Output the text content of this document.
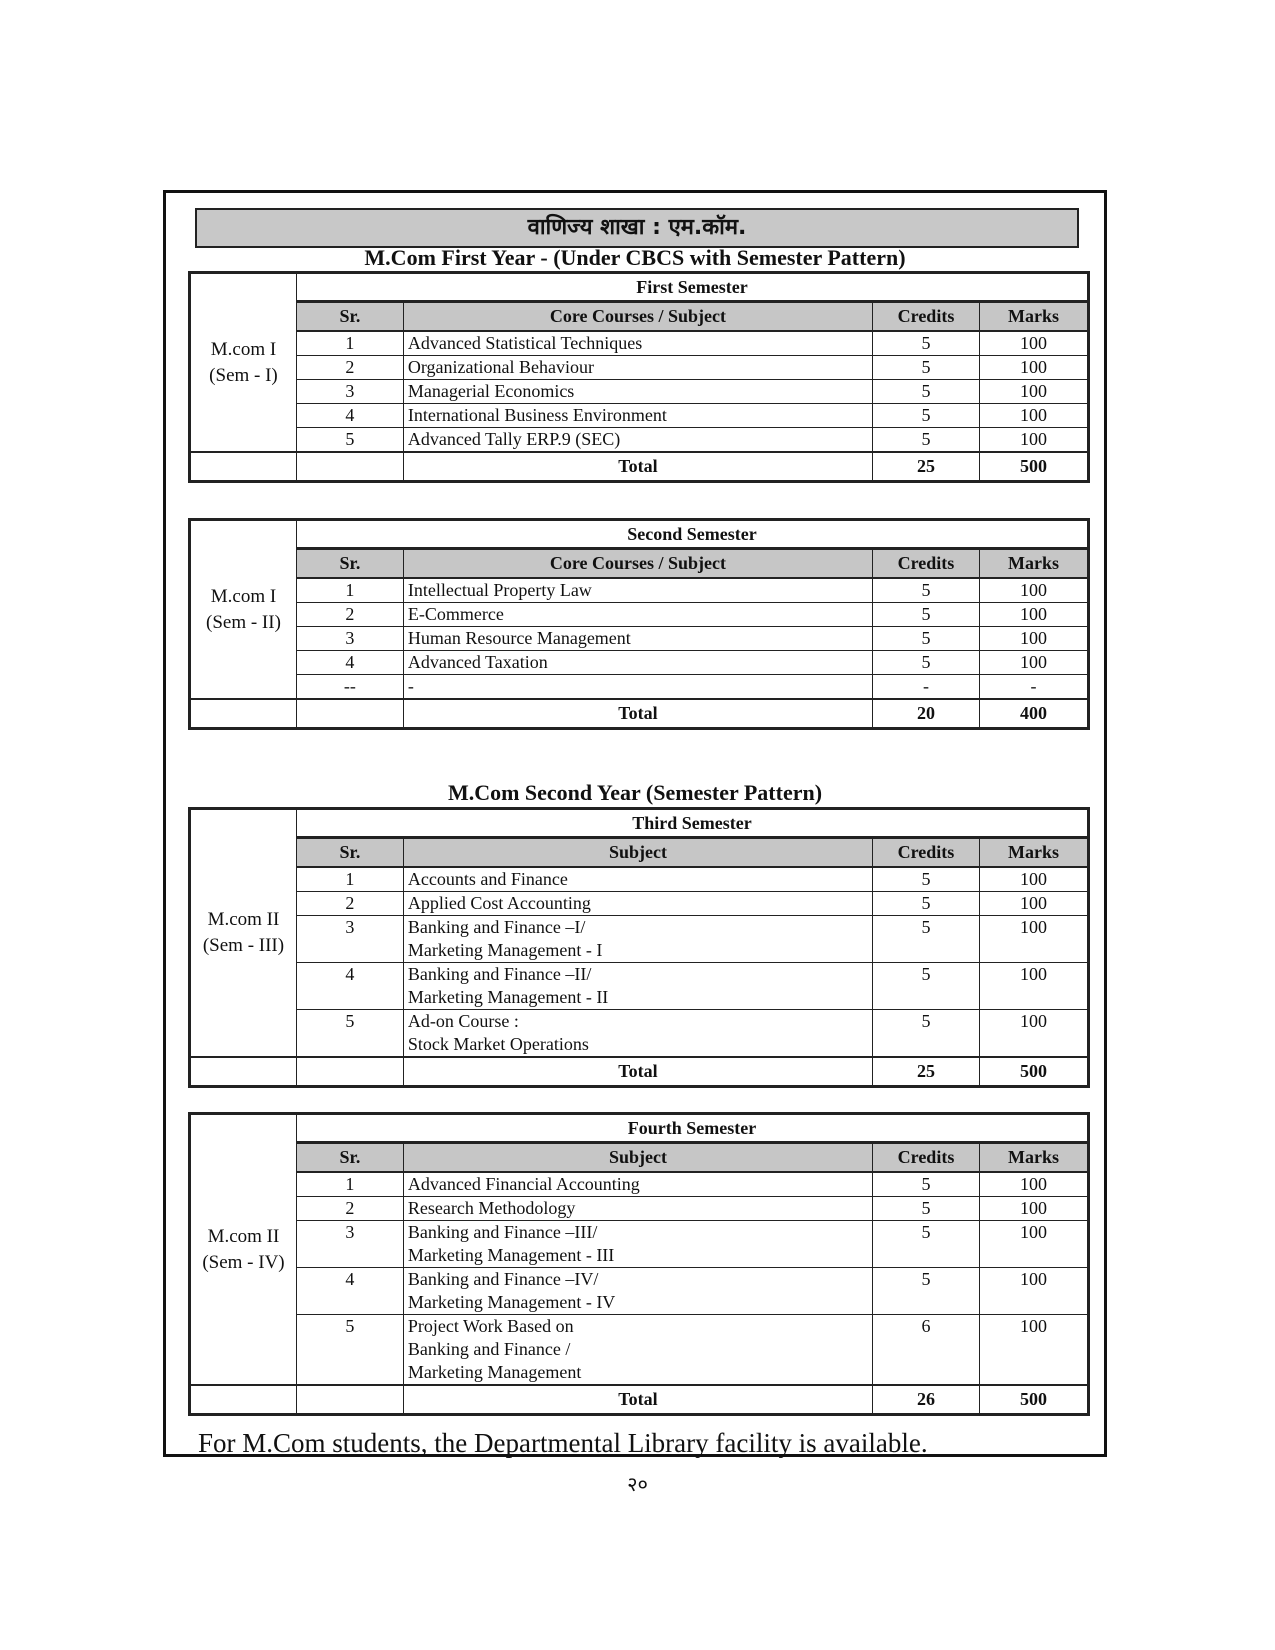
वाणिज्य शाखा : एम.कॉम.
M.Com First Year - (Under CBCS with Semester Pattern)
M.com I
(Sem - I)	First Semester			
	Sr.	Core Courses / Subject	Credits	Marks
	1	Advanced Statistical Techniques	5	100
	2	Organizational Behaviour	5	100
	3	Managerial Economics	5	100
	4	International Business Environment	5	100
	5	Advanced Tally ERP.9 (SEC)	5	100
		Total	25	500
M.com I
(Sem - II)	Second Semester			
	Sr.	Core Courses / Subject	Credits	Marks
	1	Intellectual Property Law	5	100
	2	E-Commerce	5	100
	3	Human Resource Management	5	100
	4	Advanced Taxation	5	100
	--	-	-	-
		Total	20	400
M.Com Second Year (Semester Pattern)
M.com II
(Sem - III)	Third Semester			
	Sr.	Subject	Credits	Marks
	1	Accounts and Finance	5	100
	2	Applied Cost Accounting	5	100
	3	Banking and Finance –I/
Marketing Management - I	5	100
	4	Banking and Finance –II/
Marketing Management - II	5	100
	5	Ad-on Course :
Stock Market Operations	5	100
		Total	25	500
M.com II
(Sem - IV)	Fourth Semester			
	Sr.	Subject	Credits	Marks
	1	Advanced Financial Accounting	5	100
	2	Research Methodology	5	100
	3	Banking and Finance –III/
Marketing Management - III	5	100
	4	Banking and Finance –IV/
Marketing Management - IV	5	100
	5	Project Work Based on
Banking and Finance /
Marketing Management	6	100
		Total	26	500
For M.Com students, the Departmental Library facility is available.
२०
